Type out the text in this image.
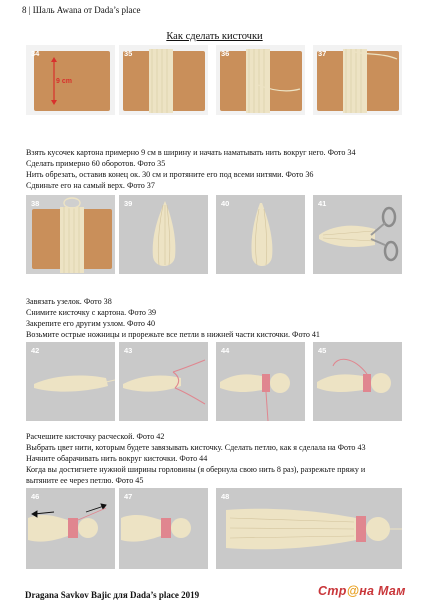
8 | Шаль Awana от Dada’s place
Как сделать кисточки
34
9 cm
35	36	37
Взять кусочек картона примерно 9 см в ширину и начать наматывать нить вокруг него. Фото 34
Сделать примерно 60 оборотов. Фото 35
Нить обрезать, оставив конец ок. 30 см и протяните его под всеми нитями. Фото 36
Сдвиньте его на самый верх. Фото 37
38	39	40	41
Завязать узелок. Фото 38
Снимите кисточку с картона. Фото 39
Закрепите его другим узлом. Фото 40
Возьмите острые ножницы и прорежьте все петли в нижней части кисточки. Фото 41
42	43	44	45
Расчешите кисточку расческой. Фото 42
Выбрать цвет нити, которым будете завязывать кисточку. Сделать петлю, как я сделала на Фото 43
Начните обарачивать нить вокруг кисточки. Фото 44
Когда вы достигнете нужной ширины горловины (я обернула свою нить 8 раз), разрежьте пряжу и
вытяните ее через петлю. Фото 45
46	47	48
Dragana Savkov Bajic для Dada’s place 2019	Стр@на Мам
